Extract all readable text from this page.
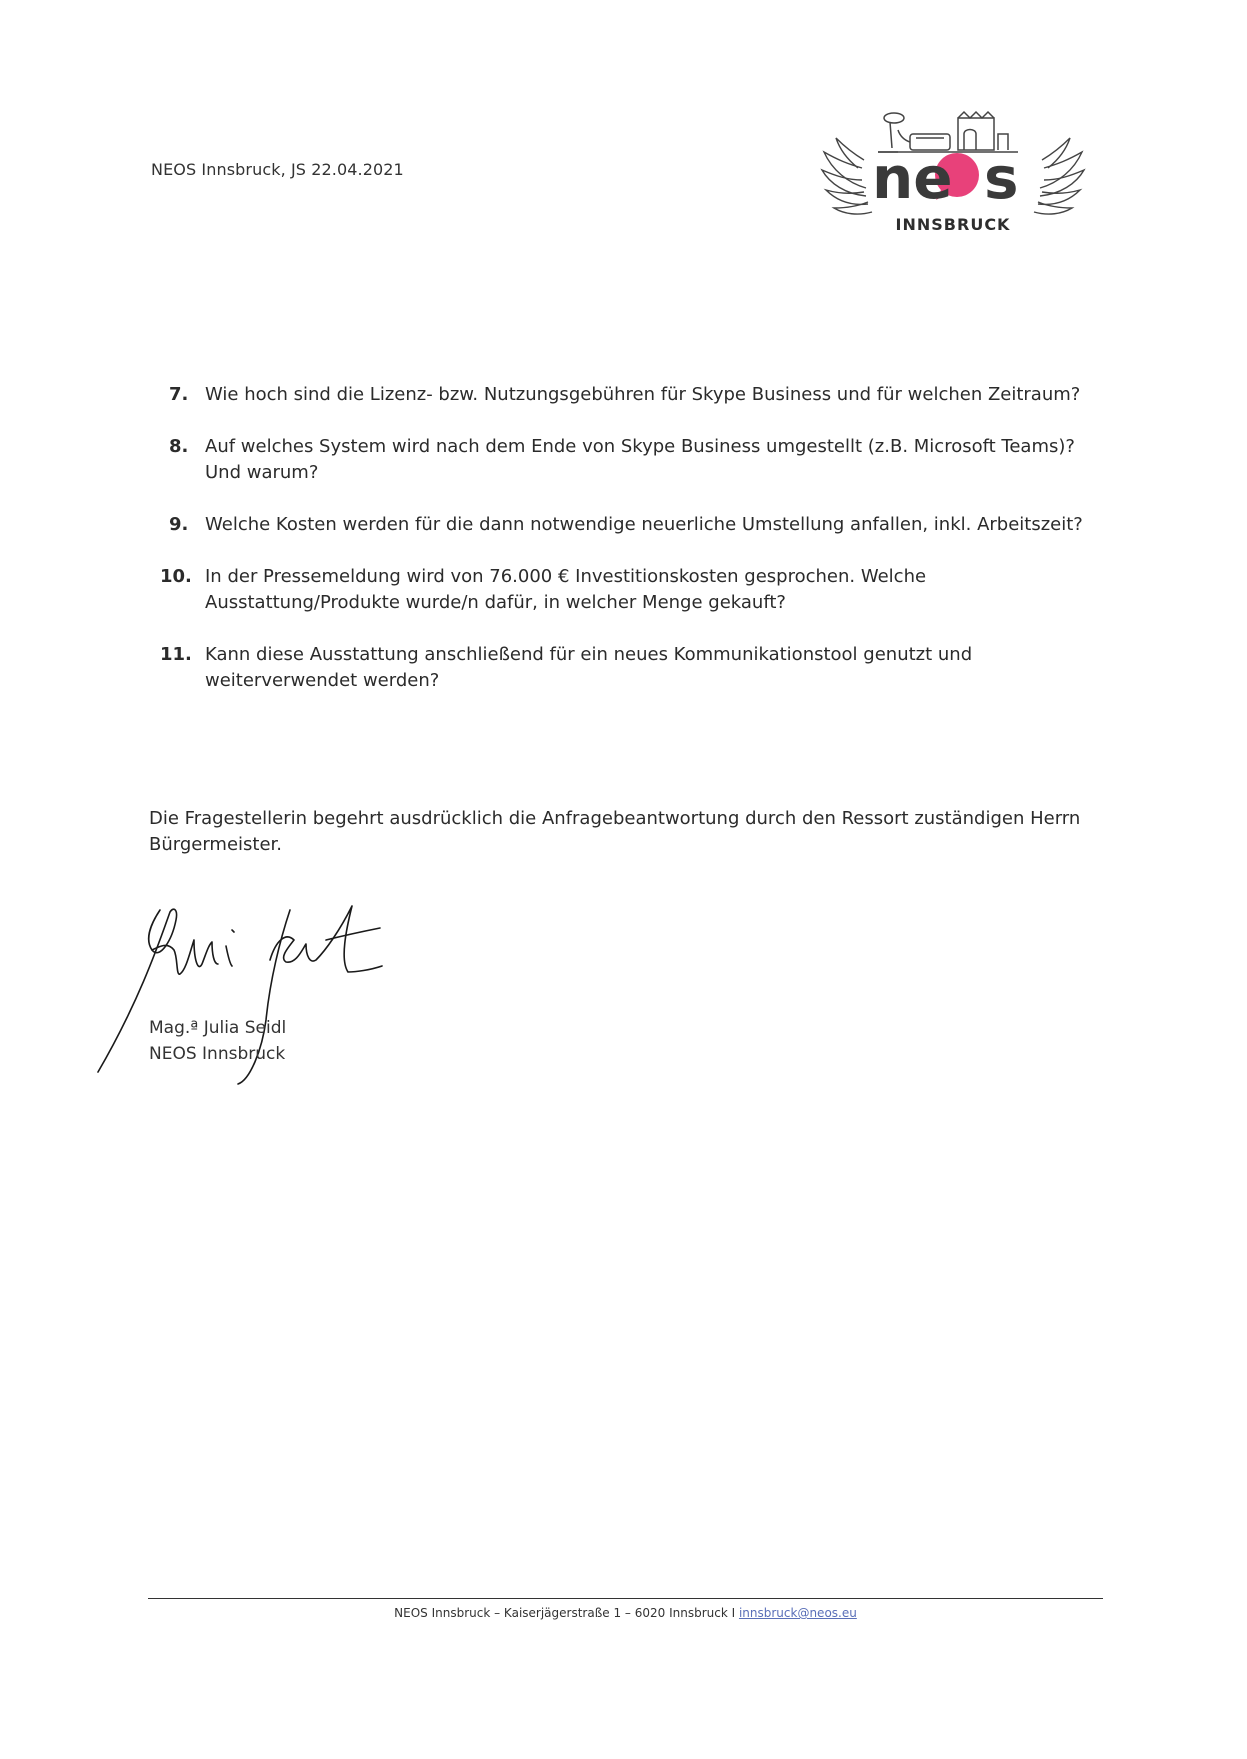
NEOS Innsbruck, JS 22.04.2021	ne s
INNSBRUCK
7. Wie hoch sind die Lizenz- bzw. Nutzungsgebühren für Skype Business und für welchen Zeitraum?
8. Auf welches System wird nach dem Ende von Skype Business umgestellt (z.B. Microsoft Teams)? Und warum?
9. Welche Kosten werden für die dann notwendige neuerliche Umstellung anfallen, inkl. Arbeitszeit?
10. In der Pressemeldung wird von 76.000 € Investitionskosten gesprochen. Welche Ausstattung/Produkte wurde/n dafür, in welcher Menge gekauft?
11. Kann diese Ausstattung anschließend für ein neues Kommunikationstool genutzt und weiterverwendet werden?
Die Fragestellerin begehrt ausdrücklich die Anfragebeantwortung durch den Ressort zuständigen Herrn Bürgermeister.
Mag.ª Julia Seidl
NEOS Innsbruck
NEOS Innsbruck – Kaiserjägerstraße 1 – 6020 Innsbruck I innsbruck@neos.eu
